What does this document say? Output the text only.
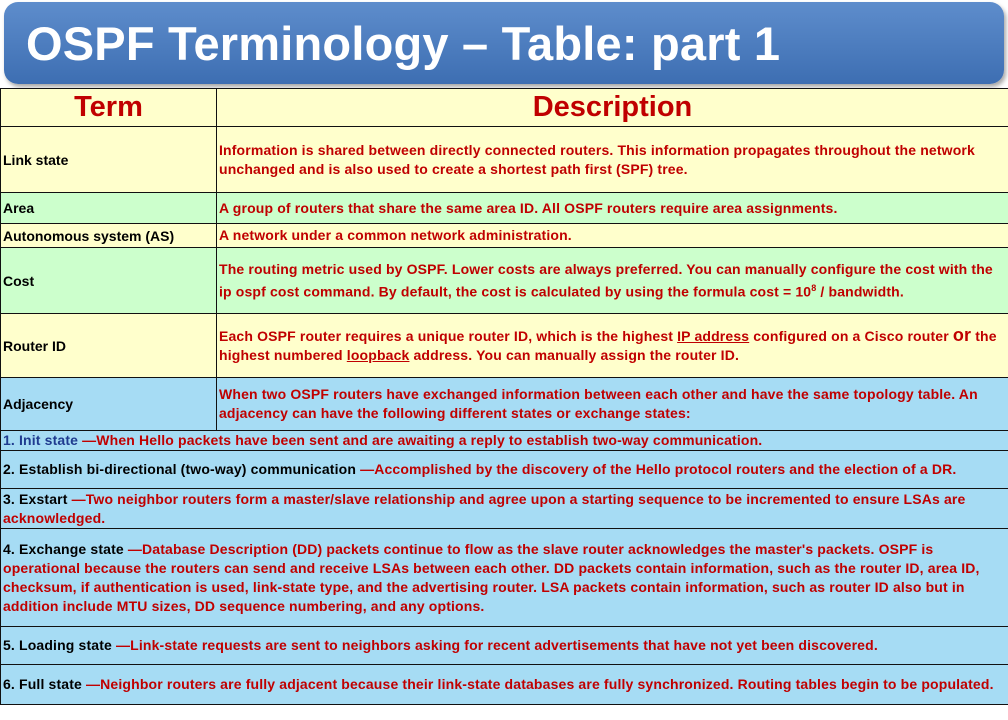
OSPF Terminology – Table: part 1
Term	Description
Link state	Information is shared between directly connected routers. This information propagates throughout the network unchanged and is also used to create a shortest path first (SPF) tree.
Area	A group of routers that share the same area ID. All OSPF routers require area assignments.
Autonomous system (AS)	A network under a common network administration.
Cost	The routing metric used by OSPF. Lower costs are always preferred. You can manually configure the cost with the ip ospf cost command. By default, the cost is calculated by using the formula $\cos t = 10^8$ / bandwidth.
Router ID	Each OSPF router requires a unique router ID, which is the highest IP address configured on a Cisco router or the highest numbered loopback address. You can manually assign the router ID.
Adjacency	When two OSPF routers have exchanged information between each other and have the same topology table. An adjacency can have the following different states or exchange states:
1. Init state —When Hello packets have been sent and are awaiting a reply to establish two-way communication.	
2. Establish bi-directional (two-way) communication —Accomplished by the discovery of the Hello protocol routers and the election of a DR.	
3. Exstart —Two neighbor routers form a master/slave relationship and agree upon a starting sequence to be incremented to ensure LSAs are acknowledged.	
4. Exchange state —Database Description (DD) packets continue to flow as the slave router acknowledges the master's packets. OSPF is operational because the routers can send and receive LSAs between each other. DD packets contain information, such as the router ID, area ID, checksum, if authentication is used, link-state type, and the advertising router. LSA packets contain information, such as router ID also but in addition include MTU sizes, DD sequence numbering, and any options.	
5. Loading state —Link-state requests are sent to neighbors asking for recent advertisements that have not yet been discovered.	
6. Full state —Neighbor routers are fully adjacent because their link-state databases are fully synchronized. Routing tables begin to be populated.	
